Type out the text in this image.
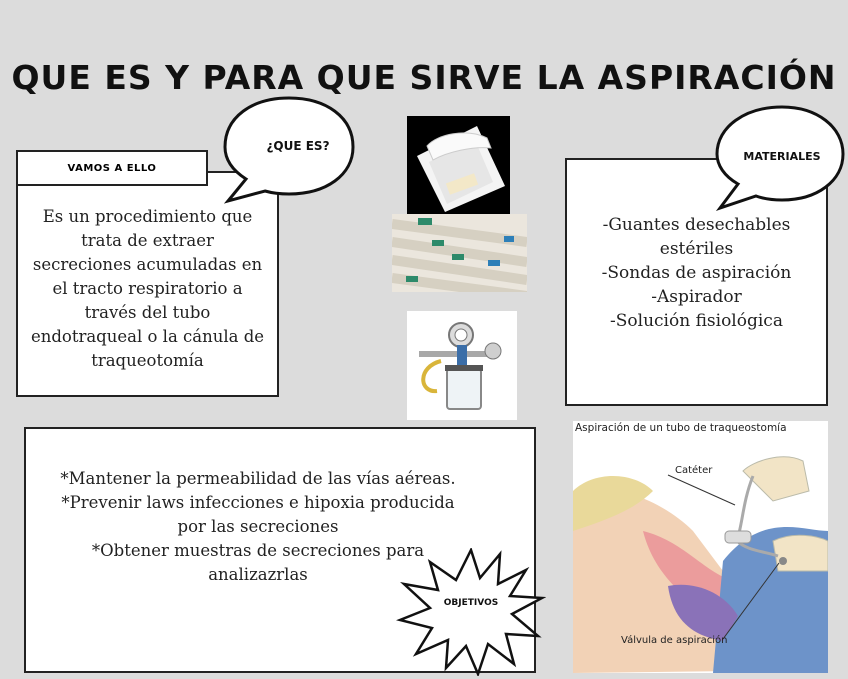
QUE ES Y PARA QUE SIRVE LA ASPIRACIÓN
Es un procedimiento que
trata de extraer
secreciones acumuladas en
el tracto respiratorio a
través del tubo
endotraqueal o la cánula de
traqueotomía
VAMOS A ELLO
¿QUE ES?
-Guantes desechables
estériles
-Sondas de aspiración
-Aspirador
-Solución fisiológica
MATERIALES
*Mantener la permeabilidad de las vías aéreas.
*Prevenir laws infecciones e hipoxia producida
por las secreciones
*Obtener muestras de secreciones para
analizazrlas
OBJETIVOS
Aspiración de un tubo de traqueostomía
Catéter
Válvula de aspiración
